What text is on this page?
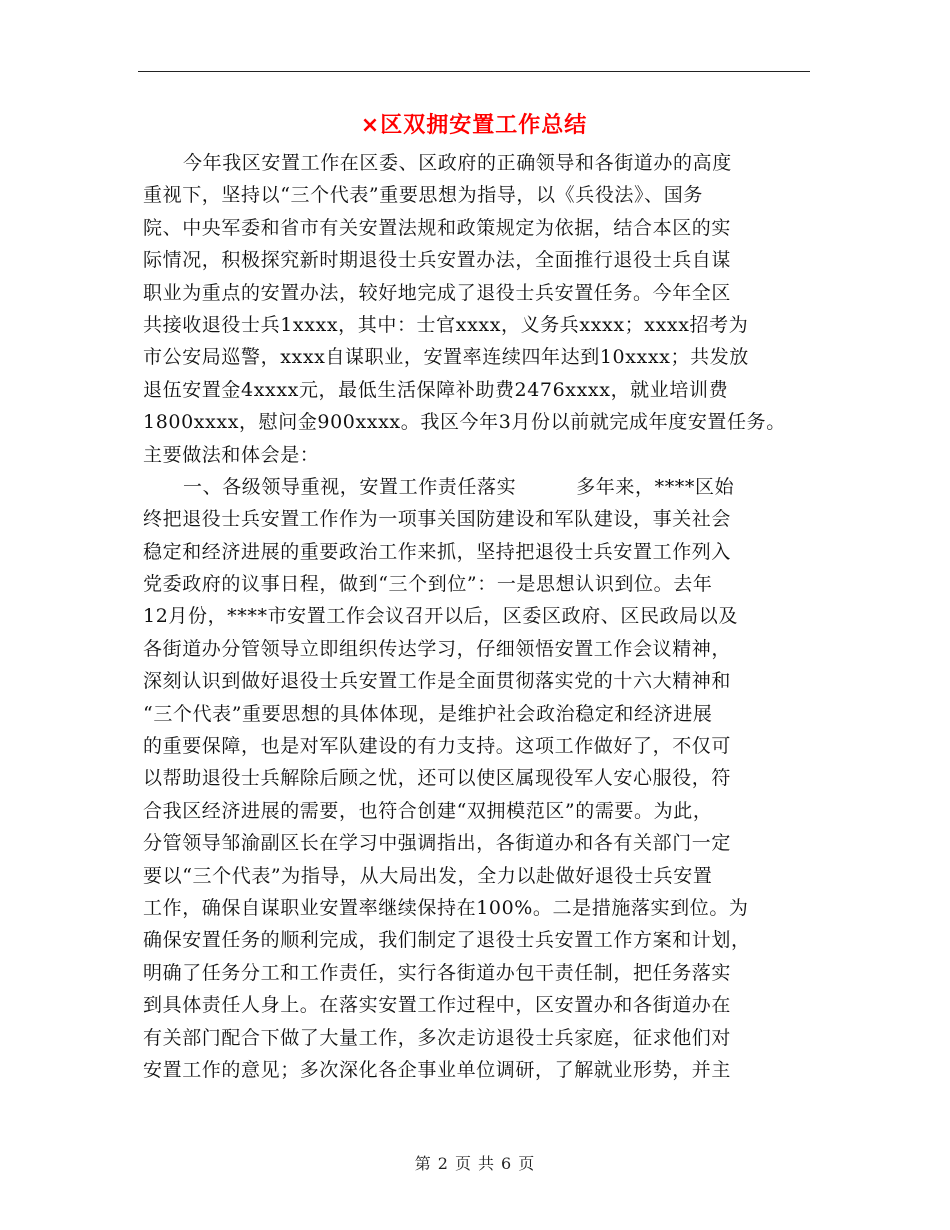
×区双拥安置工作总结
今年我区安置工作在区委、区政府的正确领导和各街道办的高度
重视下，坚持以“三个代表”重要思想为指导，以《兵役法》、国务
院、中央军委和省市有关安置法规和政策规定为依据，结合本区的实
际情况，积极探究新时期退役士兵安置办法，全面推行退役士兵自谋
职业为重点的安置办法，较好地完成了退役士兵安置任务。今年全区
共接收退役士兵1xxxx，其中：士官xxxx，义务兵xxxx；xxxx招考为
市公安局巡警，xxxx自谋职业，安置率连续四年达到10xxxx；共发放
退伍安置金4xxxx元，最低生活保障补助费2476xxxx，就业培训费
1800xxxx，慰问金900xxxx。我区今年3月份以前就完成年度安置任务。
主要做法和体会是：
一、各级领导重视，安置工作责任落实	多年来，****区始
终把退役士兵安置工作作为一项事关国防建设和军队建设，事关社会
稳定和经济进展的重要政治工作来抓，坚持把退役士兵安置工作列入
党委政府的议事日程，做到“三个到位”：一是思想认识到位。去年
12月份，****市安置工作会议召开以后，区委区政府、区民政局以及
各街道办分管领导立即组织传达学习，仔细领悟安置工作会议精神，
深刻认识到做好退役士兵安置工作是全面贯彻落实党的十六大精神和
“三个代表”重要思想的具体体现，是维护社会政治稳定和经济进展
的重要保障，也是对军队建设的有力支持。这项工作做好了，不仅可
以帮助退役士兵解除后顾之忧，还可以使区属现役军人安心服役，符
合我区经济进展的需要，也符合创建“双拥模范区”的需要。为此，
分管领导邹渝副区长在学习中强调指出，各街道办和各有关部门一定
要以“三个代表”为指导，从大局出发，全力以赴做好退役士兵安置
工作，确保自谋职业安置率继续保持在100%。二是措施落实到位。为
确保安置任务的顺利完成，我们制定了退役士兵安置工作方案和计划，
明确了任务分工和工作责任，实行各街道办包干责任制，把任务落实
到具体责任人身上。在落实安置工作过程中，区安置办和各街道办在
有关部门配合下做了大量工作，多次走访退役士兵家庭，征求他们对
安置工作的意见；多次深化各企事业单位调研，了解就业形势，并主
第 2 页 共 6 页
